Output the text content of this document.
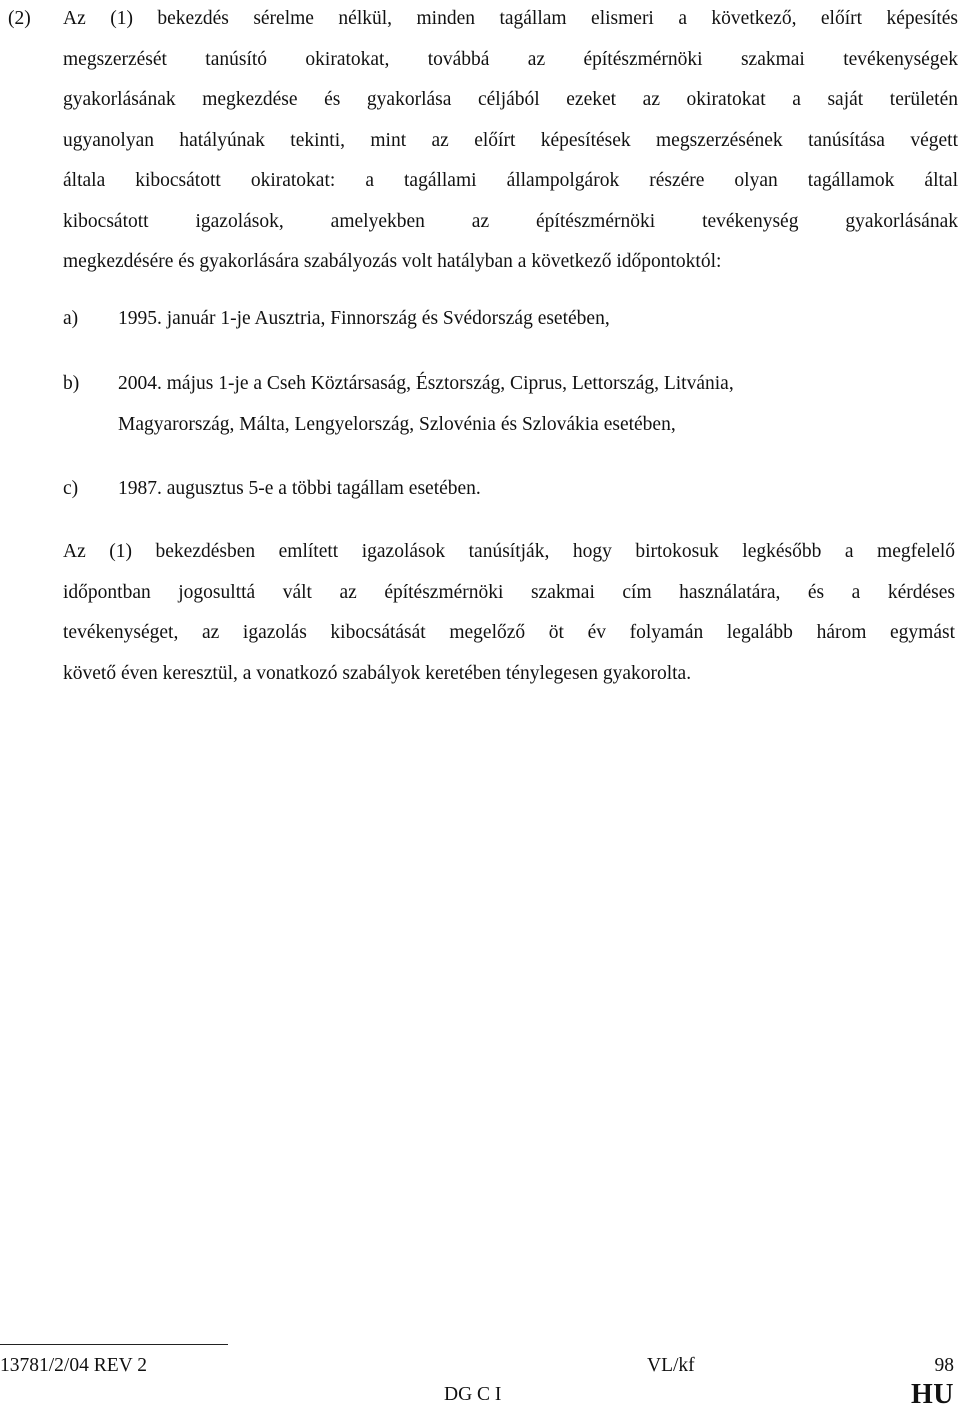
(2) Az (1) bekezdés sérelme nélkül, minden tagállam elismeri a következő, előírt képesítés
megszerzését tanúsító okiratokat, továbbá az építészmérnöki szakmai tevékenységek
gyakorlásának megkezdése és gyakorlása céljából ezeket az okiratokat a saját területén
ugyanolyan hatályúnak tekinti, mint az előírt képesítések megszerzésének tanúsítása végett
általa kibocsátott okiratokat: a tagállami állampolgárok részére olyan tagállamok által
kibocsátott igazolások, amelyekben az építészmérnöki tevékenység gyakorlásának
megkezdésére és gyakorlására szabályozás volt hatályban a következő időpontoktól:
a) 1995. január 1-je Ausztria, Finnország és Svédország esetében,
b) 2004. május 1-je a Cseh Köztársaság, Észtország, Ciprus, Lettország, Litvánia,
Magyarország, Málta, Lengyelország, Szlovénia és Szlovákia esetében,
c) 1987. augusztus 5-e a többi tagállam esetében.
Az (1) bekezdésben említett igazolások tanúsítják, hogy birtokosuk legkésőbb a megfelelő
időpontban jogosulttá vált az építészmérnöki szakmai cím használatára, és a kérdéses
tevékenységet, az igazolás kibocsátását megelőző öt év folyamán legalább három egymást
követő éven keresztül, a vonatkozó szabályok keretében ténylegesen gyakorolta.
13781/2/04 REV 2	VL/kf	98
DG C I	HU
